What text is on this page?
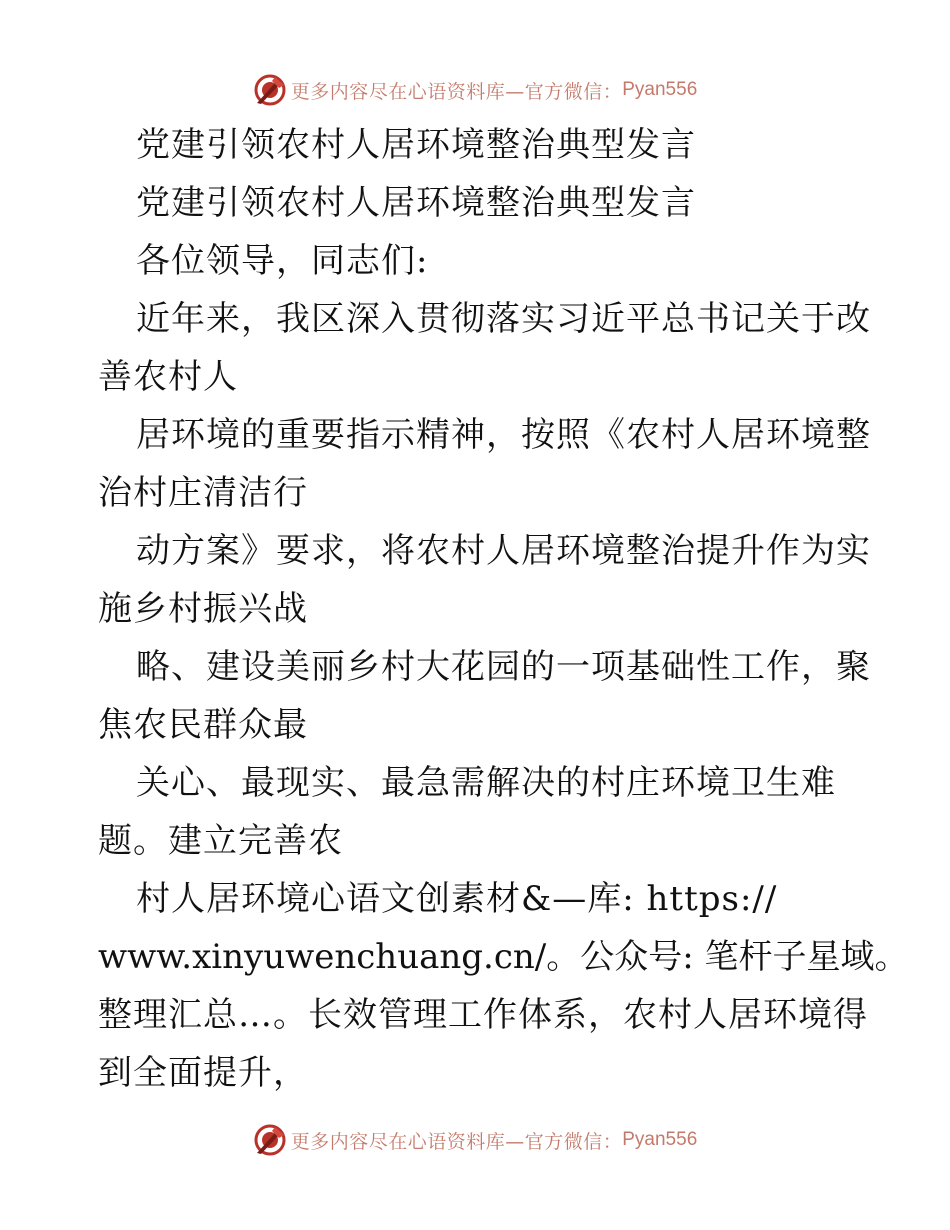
更多内容尽在心语资料库—官方微信： Pyan556
党建引领农村人居环境整治典型发言
党建引领农村人居环境整治典型发言
各位领导，同志们:
近年来，我区深入贯彻落实习近平总书记关于改
善农村人
居环境的重要指示精神，按照《农村人居环境整
治村庄清洁行
动方案》要求，将农村人居环境整治提升作为实
施乡村振兴战
略、建设美丽乡村大花园的一项基础性工作，聚
焦农民群众最
关心、最现实、最急需解决的村庄环境卫生难
题。建立完善农
村人居环境心语文创素材&—库: https://
www.xinyuwenchuang.cn/。公众号: 笔杆子星域。
整理汇总…。长效管理工作体系，农村人居环境得
到全面提升，
更多内容尽在心语资料库—官方微信： Pyan556
